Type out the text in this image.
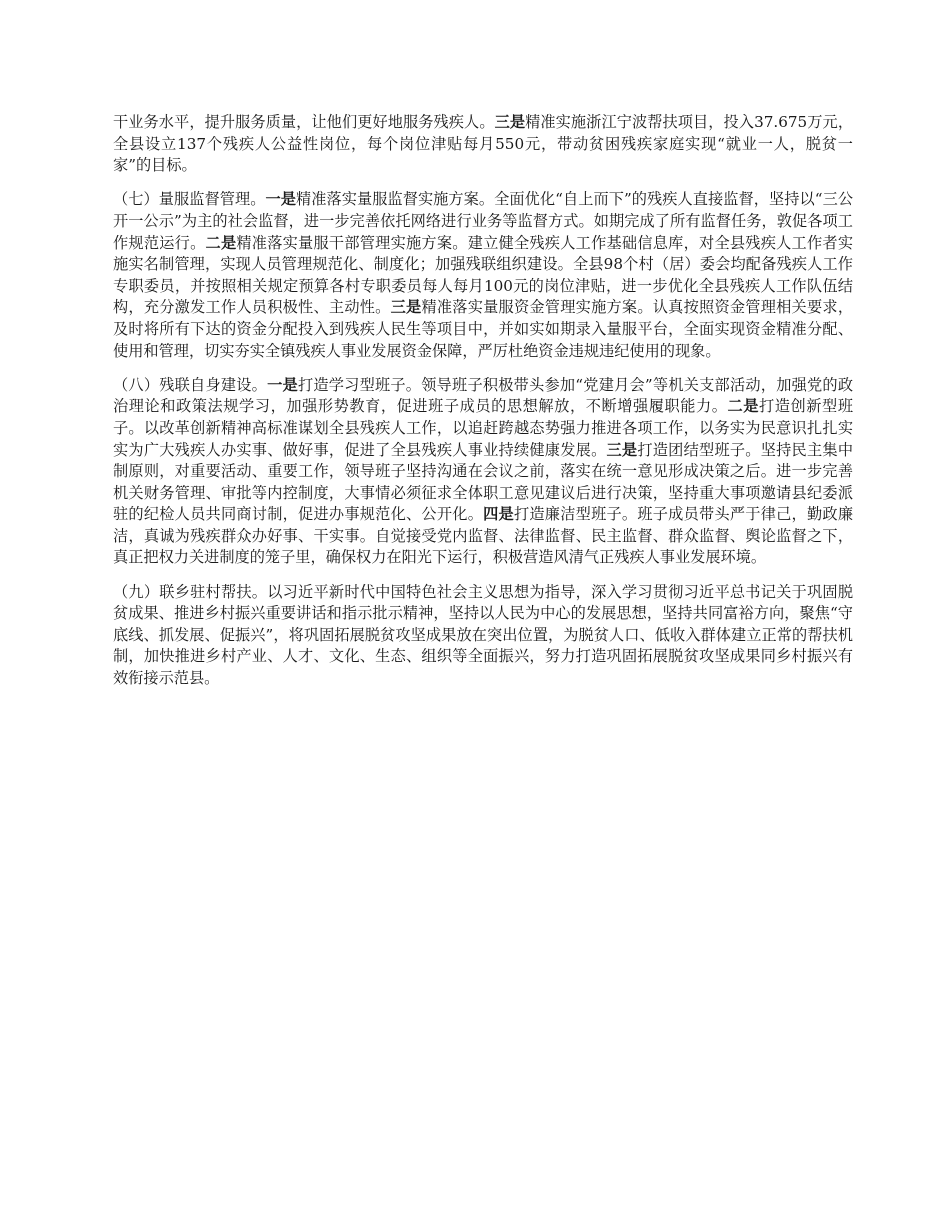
干业务水平，提升服务质量，让他们更好地服务残疾人。三是精准实施浙江宁波帮扶项目，投入37.675万元，全县设立137个残疾人公益性岗位，每个岗位津贴每月550元，带动贫困残疾家庭实现“就业一人，脱贫一家”的目标。

（七）量服监督管理。一是精准落实量服监督实施方案。全面优化“自上而下”的残疾人直接监督，坚持以“三公开一公示”为主的社会监督，进一步完善依托网络进行业务等监督方式。如期完成了所有监督任务，敦促各项工作规范运行。二是精准落实量服干部管理实施方案。建立健全残疾人工作基础信息库，对全县残疾人工作者实施实名制管理，实现人员管理规范化、制度化；加强残联组织建设。全县98个村（居）委会均配备残疾人工作专职委员，并按照相关规定预算各村专职委员每人每月100元的岗位津贴，进一步优化全县残疾人工作队伍结构，充分激发工作人员积极性、主动性。三是精准落实量服资金管理实施方案。认真按照资金管理相关要求，及时将所有下达的资金分配投入到残疾人民生等项目中，并如实如期录入量服平台，全面实现资金精准分配、使用和管理，切实夯实全镇残疾人事业发展资金保障，严厉杜绝资金违规违纪使用的现象。

（八）残联自身建设。一是打造学习型班子。领导班子积极带头参加“党建月会”等机关支部活动，加强党的政治理论和政策法规学习，加强形势教育，促进班子成员的思想解放，不断增强履职能力。二是打造创新型班子。以改革创新精神高标准谋划全县残疾人工作，以追赶跨越态势强力推进各项工作，以务实为民意识扎扎实实为广大残疾人办实事、做好事，促进了全县残疾人事业持续健康发展。三是打造团结型班子。坚持民主集中制原则，对重要活动、重要工作，领导班子坚持沟通在会议之前，落实在统一意见形成决策之后。进一步完善机关财务管理、审批等内控制度，大事情必须征求全体职工意见建议后进行决策，坚持重大事项邀请县纪委派驻的纪检人员共同商讨制，促进办事规范化、公开化。四是打造廉洁型班子。班子成员带头严于律己，勤政廉洁，真诚为残疾群众办好事、干实事。自觉接受党内监督、法律监督、民主监督、群众监督、舆论监督之下，真正把权力关进制度的笼子里，确保权力在阳光下运行，积极营造风清气正残疾人事业发展环境。

（九）联乡驻村帮扶。以习近平新时代中国特色社会主义思想为指导，深入学习贯彻习近平总书记关于巩固脱贫成果、推进乡村振兴重要讲话和指示批示精神，坚持以人民为中心的发展思想，坚持共同富裕方向，聚焦“守底线、抓发展、促振兴”，将巩固拓展脱贫攻坚成果放在突出位置，为脱贫人口、低收入群体建立正常的帮扶机制，加快推进乡村产业、人才、文化、生态、组织等全面振兴，努力打造巩固拓展脱贫攻坚成果同乡村振兴有效衔接示范县。
